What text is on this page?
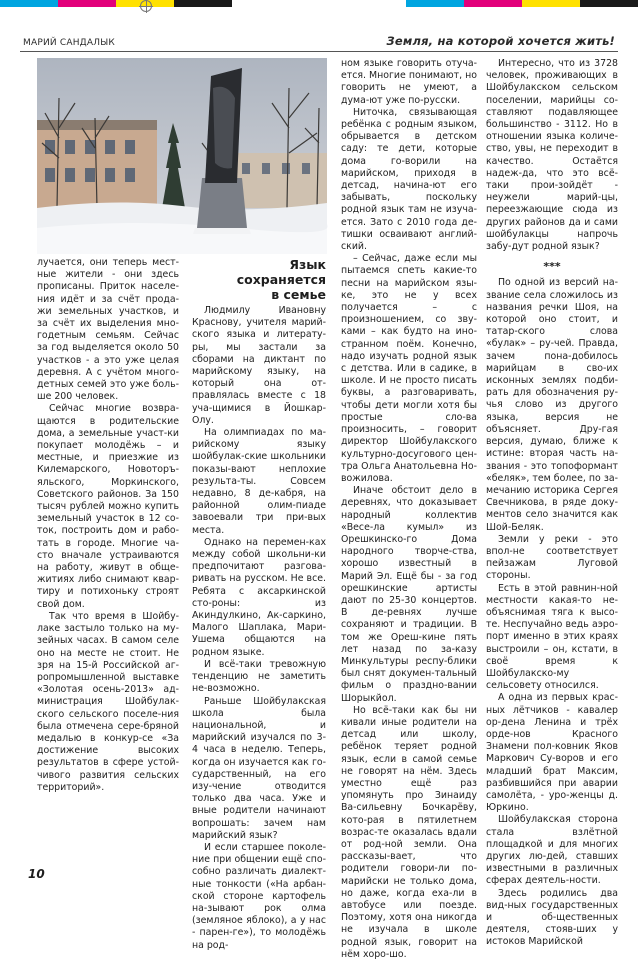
МАРИЙ САНДАЛЫК	Земля, на которой хочется жить!

лучается, они теперь мест-ные жители - они здесь прописаны. Приток населе-ния идёт и за счёт прода-жи земельных участков, и за счёт их выделения мно-годетным семьям. Сейчас за год выделяется около 50 участков - а это уже целая деревня. А с учётом много-детных семей это уже боль-ше 200 человек.

Сейчас многие возвра-щаются в родительские дома, а земельные участ-ки покупает молодёжь – и местные, и приезжие из Килемарского, Новоторъ-яльского, Моркинского, Советского районов. За 150 тысяч рублей можно купить земельный участок в 12 со-ток, построить дом и рабо-тать в городе. Многие ча-сто вначале устраиваются на работу, живут в обще-житиях либо снимают квар-тиру и потихоньку строят свой дом.

Так что время в Шойбу-лаке застыло только на му-зейных часах. В самом селе оно на месте не стоит. Не зря на 15-й Российской аг-ропромышленной выставке «Золотая осень-2013» ад-министрация Шойбулак-ского сельского поселе-ния была отмечена сере-бряной медалью в конкур-се «За достижение высоких результатов в сфере устой-чивого развития сельских территорий».

Язык
сохраняется
в семье

Людмилу Ивановну Краснову, учителя марий-ского языка и литерату-ры, мы застали за сборами на диктант по марийскому языку, на который она от-правлялась вместе с 18 уча-щимися в Йошкар-Олу.

На олимпиадах по ма-рийскому языку шойбулак-ские школьники показы-вают неплохие результа-ты. Совсем недавно, 8 де-кабря, на районной олим-пиаде завоевали три при-вых места.

Однако на перемен-ках между собой школьни-ки предпочитают разгова-ривать на русском. Не все. Ребята с аксаркинской сто-роны: из Акиндулкино, Ак-саркино, Малого Шаплака, Мари-Ушема общаются на родном языке.

И всё-таки тревожную тенденцию не заметить не-возможно.

Раньше Шойбулакская школа была национальной, и марийский изучался по 3-4 часа в неделю. Теперь, когда он изучается как го-сударственный, на его изу-чение отводится только два часа. Уже и вные родители начинают вопрошать: зачем нам марийский язык?

И если старшее поколе-ние при общении ещё спо-собно различать диалект-ные тонкости («На арбан-ской стороне картофель на-зывают рок олма (земляное яблоко), а у нас - парен-ге»), то молодёжь на род-

ном языке говорить отуча-ется. Многие понимают, но говорить не умеют, а дума-ют уже по-русски.

Ниточка, связывающая ребёнка с родным языком, обрывается в детском саду: те дети, которые дома го-ворили на марийском, приходя в детсад, начина-ют его забывать, поскольку родной язык там не изуча-ется. Зато с 2010 года де-тишки осваивают англий-ский.

– Сейчас, даже если мы пытаемся спеть какие-то песни на марийском язы-ке, это не у всех получается – с произношением, со зву-ками – как будто на ино-странном поём. Конечно, надо изучать родной язык с детства. Или в садике, в школе. И не просто писать буквы, а разговаривать, чтобы дети могли хотя бы простые сло-ва произносить, – говорит директор Шойбулакского культурно-досугового цен-тра Ольга Анатольевна Но-вожилова.

Иначе обстоит дело в деревнях, что доказывает народный коллектив «Весе-ла кумыл» из Орешкинско-го Дома народного творче-ства, хорошо известный в Марий Эл. Ещё бы - за год орешкинские артисты дают по 25-30 концертов. В де-ревнях лучше сохраняют и традиции. В том же Ореш-кине пять лет назад по за-казу Минкультуры респу-блики был снят докумен-тальный фильм о праздно-вании Шорыкйол.

Но всё-таки как бы ни кивали иные родители на детсад или школу, ребёнок теряет родной язык, если в самой семье не говорят на нём. Здесь уместно ещё раз упомянуть про Зинаиду Ва-сильевну Бочкарёву, кото-рая в пятилетнем возрас-те оказалась вдали от род-ной земли. Она рассказы-вает, что родители говори-ли по-марийски не только дома, но даже, когда еха-ли в автобусе или поезде. Поэтому, хотя она никогда не изучала в школе родной язык, говорит на нём хоро-шо.

Интересно, что из 3728 человек, проживающих в Шойбулакском сельском поселении, марийцы со-ставляют подавляющее большинство - 3112. Но в отношении языка количе-ство, увы, не переходит в качество. Остаётся надеж-да, что это всё-таки прои-зойдёт - неужели марий-цы, переезжающие сюда из других районов да и сами шойбулакцы напрочь забу-дут родной язык?

***

По одной из версий на-звание села сложилось из названия речки Шоя, на которой оно стоит, и татар-ского слова «булак» – ру-чей. Правда, зачем пона-добилось марийцам в сво-их исконных землях подби-рать для обозначения ру-чья слово из другого языка, версия не объясняет. Дру-гая версия, думаю, ближе к истине: вторая часть на-звания - это топоформант «беляк», тем более, по за-мечанию историка Сергея Свечникова, в ряде доку-ментов село значится как Шой-Беляк.

Земли у реки - это впол-не соответствует пейзажам Луговой стороны.

Есть в этой равнин-ной местности какая-то не-объяснимая тяга к высо-те. Неспучайно ведь аэро-порт именно в этих краях выстроили – он, кстати, в своё время к Шойбулакско-му сельсовету относился.

А одна из первых крас-ных лётчиков - кавалер ор-дена Ленина и трёх орде-нов Красного Знамени пол-ковник Яков Маркович Су-воров и его младший брат Максим, разбившийся при аварии самолёта, - уро-женцы д. Юркино.

Шойбулакская сторона стала взлётной площадкой и для многих других лю-дей, ставших известными в различных сферах деятель-ности.

Здесь родились два вид-ных государственных и об-щественных деятеля, стояв-ших у истоков Марийской

10
